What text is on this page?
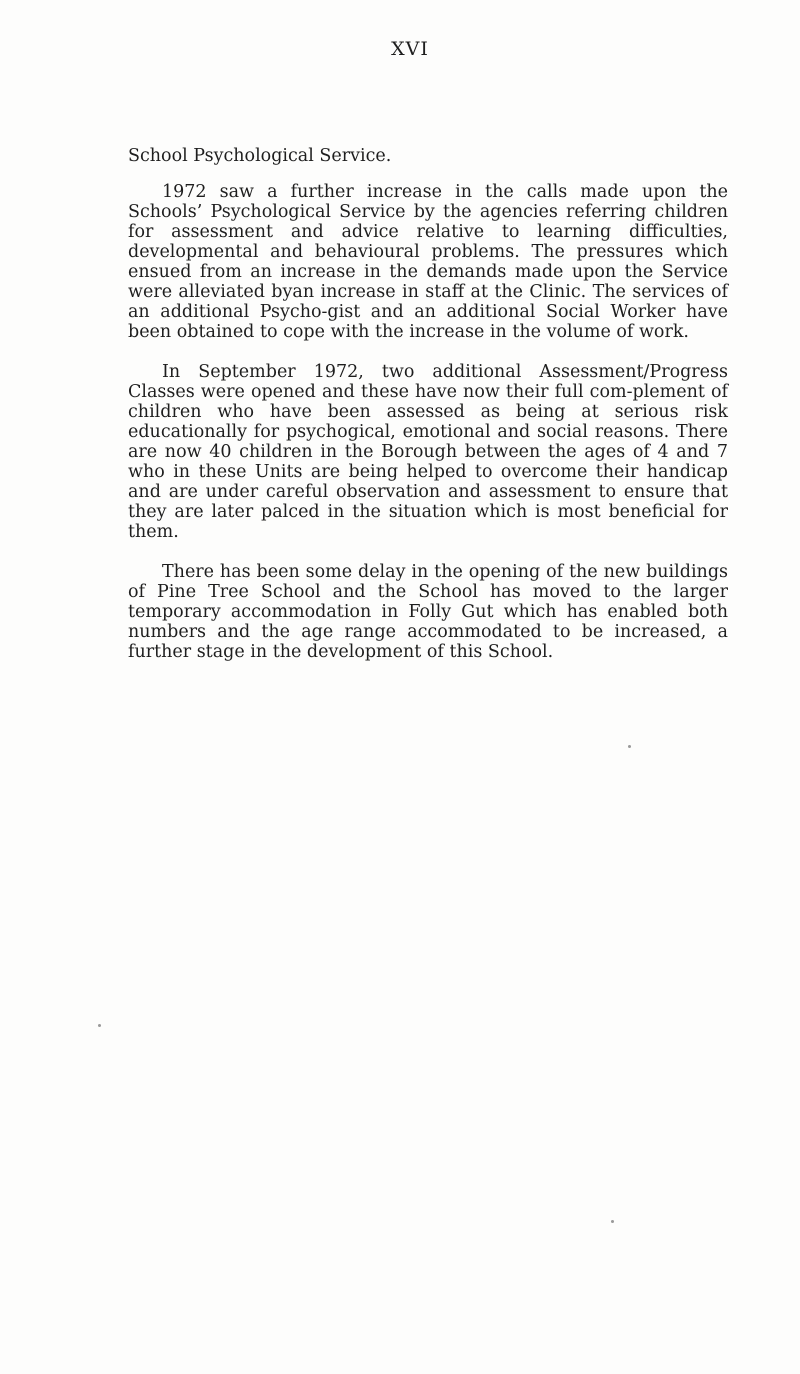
XVI
School Psychological Service.

1972 saw a further increase in the calls made upon the Schools’ Psychological Service by the agencies referring children for assessment and advice relative to learning difficulties, developmental and behavioural problems. The pressures which ensued from an increase in the demands made upon the Service were alleviated byan increase in staff at the Clinic. The services of an additional Psycho-gist and an additional Social Worker have been obtained to cope with the increase in the volume of work.

In September 1972, two additional Assessment/Progress Classes were opened and these have now their full com-plement of children who have been assessed as being at serious risk educationally for psychogical, emotional and social reasons. There are now 40 children in the Borough between the ages of 4 and 7 who in these Units are being helped to overcome their handicap and are under careful observation and assessment to ensure that they are later palced in the situation which is most beneficial for them.

There has been some delay in the opening of the new buildings of Pine Tree School and the School has moved to the larger temporary accommodation in Folly Gut which has enabled both numbers and the age range accommodated to be increased, a further stage in the development of this School.
